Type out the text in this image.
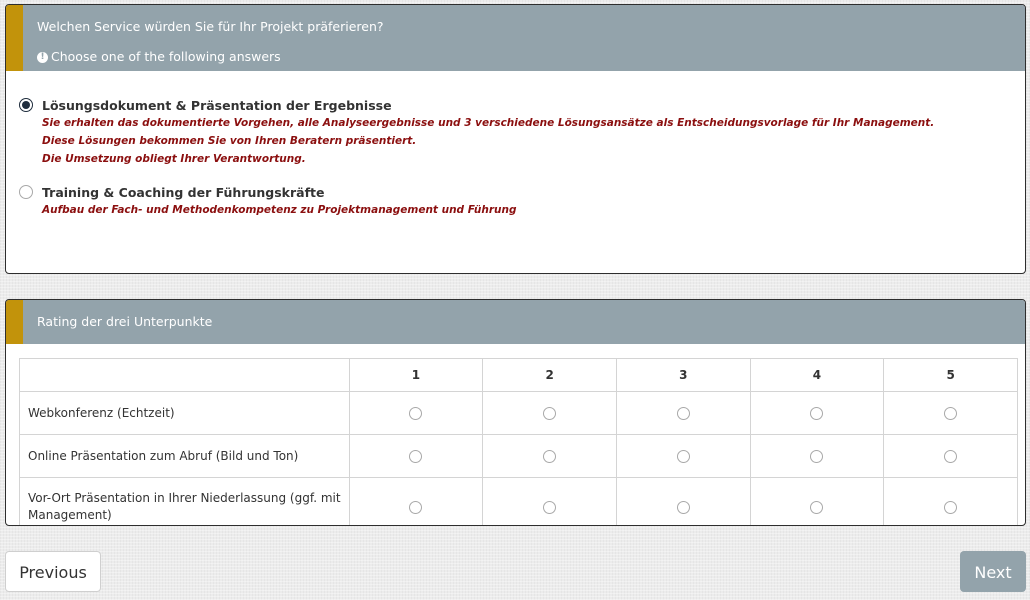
Welchen Service würden Sie für Ihr Projekt präferieren?
! Choose one of the following answers
Lösungsdokument & Präsentation der Ergebnisse
Sie erhalten das dokumentierte Vorgehen, alle Analyseergebnisse und 3 verschiedene Lösungsansätze als Entscheidungsvorlage für Ihr Management.
Diese Lösungen bekommen Sie von Ihren Beratern präsentiert.
Die Umsetzung obliegt Ihrer Verantwortung.
Training & Coaching der Führungskräfte
Aufbau der Fach- und Methodenkompetenz zu Projektmanagement und Führung
Rating der drei Unterpunkte
	1	2	3	4	5
Webkonferenz (Echtzeit)					
Online Präsentation zum Abruf (Bild und Ton)					
Vor-Ort Präsentation in Ihrer Niederlassung (ggf. mit Management)					
Previous	Next
